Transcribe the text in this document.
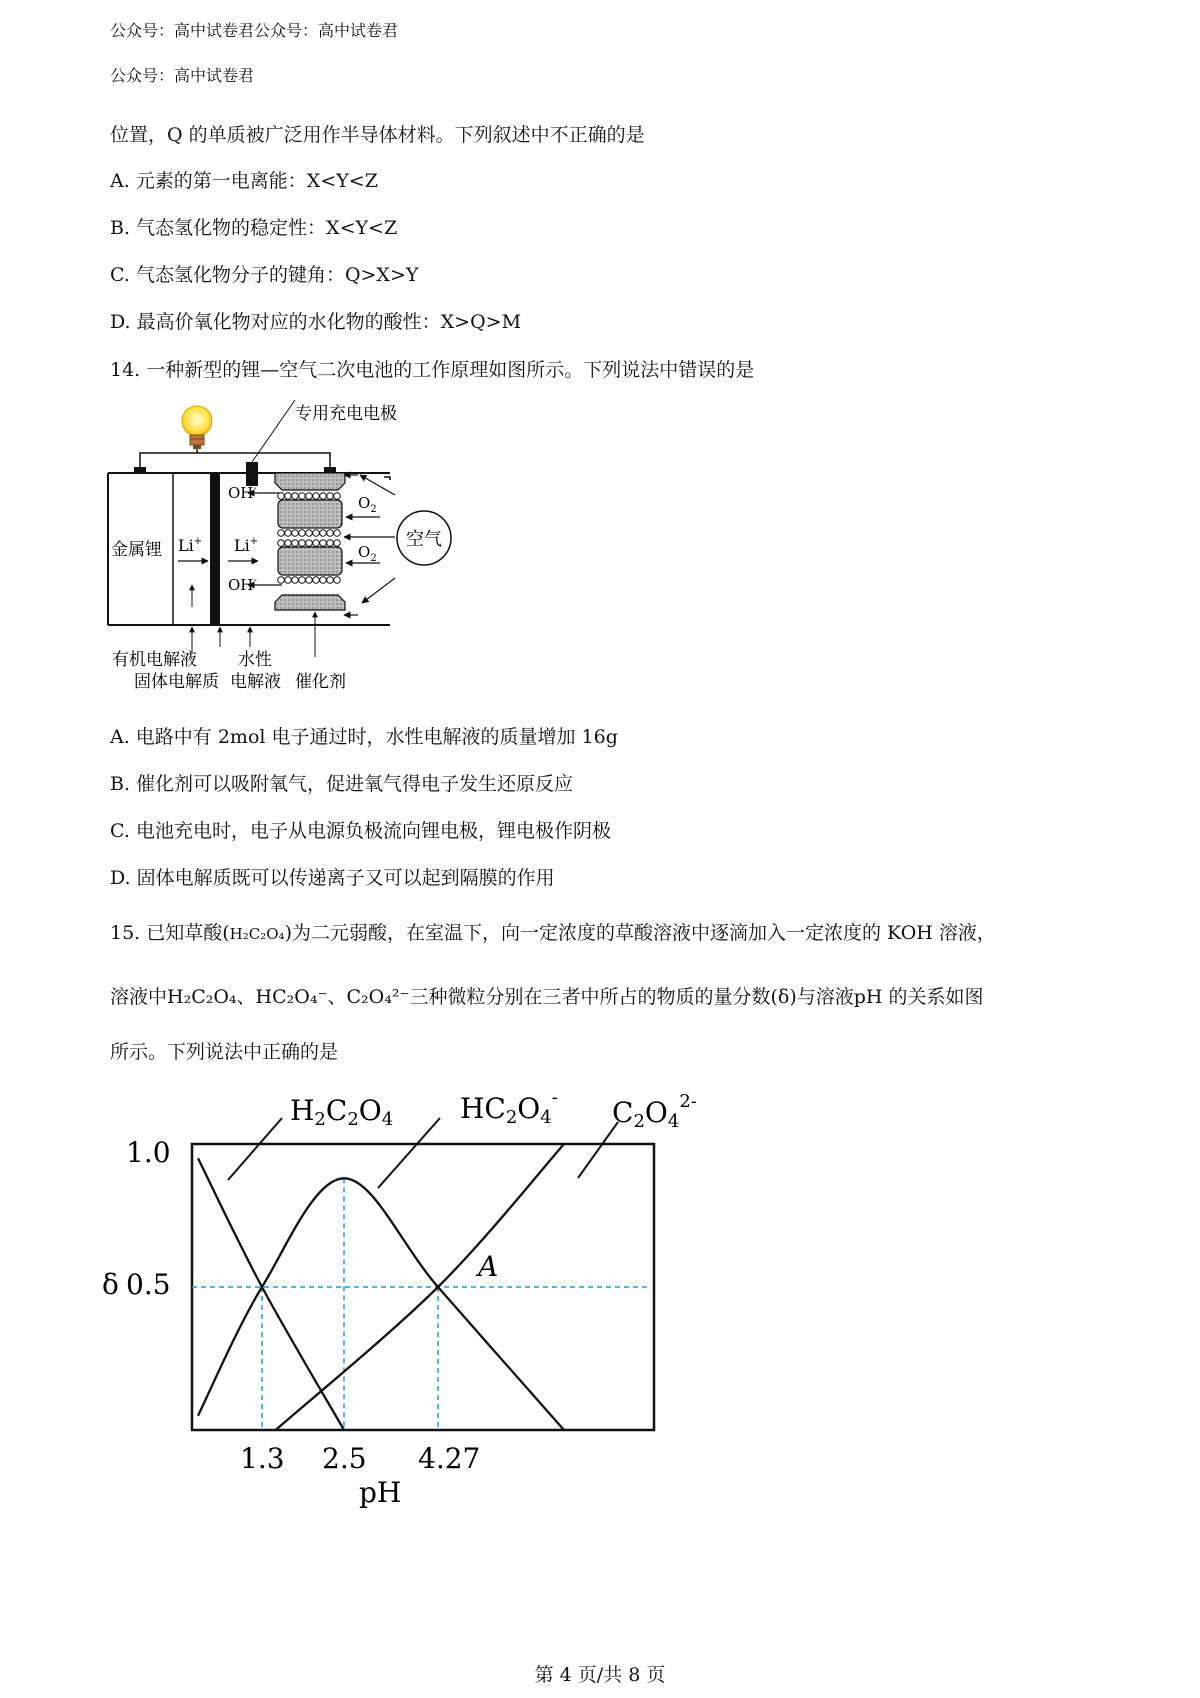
公众号：高中试卷君公众号：高中试卷君
公众号：高中试卷君
位置，Q 的单质被广泛用作半导体材料。下列叙述中不正确的是
A. 元素的第一电离能：X<Y<Z
B. 气态氢化物的稳定性：X<Y<Z
C. 气态氢化物分子的键角：Q>X>Y
D. 最高价氧化物对应的水化物的酸性：X>Q>M
14. 一种新型的锂—空气二次电池的工作原理如图所示。下列说法中错误的是
专用充电电极
金属锂 Li+ Li+
OH-
OH-
$O_2$
$O_2$
空气
有机电解液
固体电解质
水性
电解液 催化剂
A. 电路中有 2mol 电子通过时，水性电解液的质量增加 16g
B. 催化剂可以吸附氧气，促进氧气得电子发生还原反应
C. 电池充电时，电子从电源负极流向锂电极，锂电极作阴极
D. 固体电解质既可以传递离子又可以起到隔膜的作用
15. 已知草酸(H₂C₂O₄)为二元弱酸，在室温下，向一定浓度的草酸溶液中逐滴加入一定浓度的 KOH 溶液，
溶液中H₂C₂O₄、HC₂O₄⁻、C₂O₄²⁻三种微粒分别在三者中所占的物质的量分数(δ)与溶液pH 的关系如图
所示。下列说法中正确的是
H2C2O4 HC2O4- $C2O4^{2-}$
A
1.0
δ 0.5
1.3 2.5 4.27
pH
第 4 页/共 8 页
